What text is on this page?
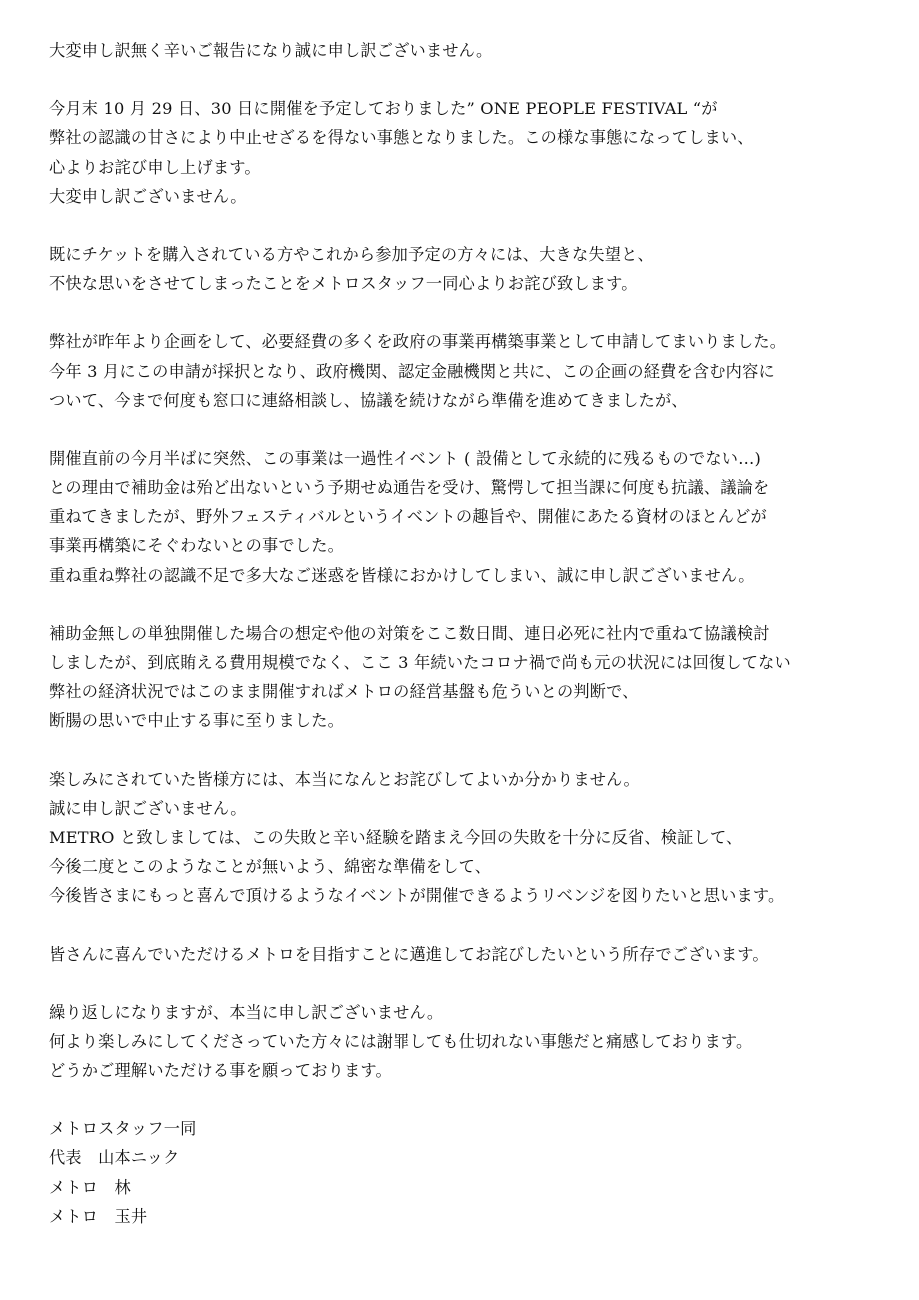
大変申し訳無く辛いご報告になり誠に申し訳ございません。
今月末 10 月 29 日、30 日に開催を予定しておりました” ONE PEOPLE FESTIVAL “が
弊社の認識の甘さにより中止せざるを得ない事態となりました。この様な事態になってしまい、
心よりお詫び申し上げます。
大変申し訳ございません。
既にチケットを購入されている方やこれから参加予定の方々には、大きな失望と、
不快な思いをさせてしまったことをメトロスタッフ一同心よりお詫び致します。
弊社が昨年より企画をして、必要経費の多くを政府の事業再構築事業として申請してまいりました。
今年 3 月にこの申請が採択となり、政府機関、認定金融機関と共に、この企画の経費を含む内容に
ついて、今まで何度も窓口に連絡相談し、協議を続けながら準備を進めてきましたが、
開催直前の今月半ばに突然、この事業は一過性イベント ( 設備として永続的に残るものでない…)
との理由で補助金は殆ど出ないという予期せぬ通告を受け、驚愕して担当課に何度も抗議、議論を
重ねてきましたが、野外フェスティバルというイベントの趣旨や、開催にあたる資材のほとんどが
事業再構築にそぐわないとの事でした。
重ね重ね弊社の認識不足で多大なご迷惑を皆様におかけしてしまい、誠に申し訳ございません。
補助金無しの単独開催した場合の想定や他の対策をここ数日間、連日必死に社内で重ねて協議検討
しましたが、到底賄える費用規模でなく、ここ 3 年続いたコロナ禍で尚も元の状況には回復してない
弊社の経済状況ではこのまま開催すればメトロの経営基盤も危ういとの判断で、
断腸の思いで中止する事に至りました。
楽しみにされていた皆様方には、本当になんとお詫びしてよいか分かりません。
誠に申し訳ございません。
METRO と致しましては、この失敗と辛い経験を踏まえ今回の失敗を十分に反省、検証して、
今後二度とこのようなことが無いよう、綿密な準備をして、
今後皆さまにもっと喜んで頂けるようなイベントが開催できるようリベンジを図りたいと思います。
皆さんに喜んでいただけるメトロを目指すことに邁進してお詫びしたいという所存でございます。
繰り返しになりますが、本当に申し訳ございません。
何より楽しみにしてくださっていた方々には謝罪しても仕切れない事態だと痛感しております。
どうかご理解いただける事を願っております。
メトロスタッフ一同
代表　山本ニック
メトロ　林
メトロ　玉井
